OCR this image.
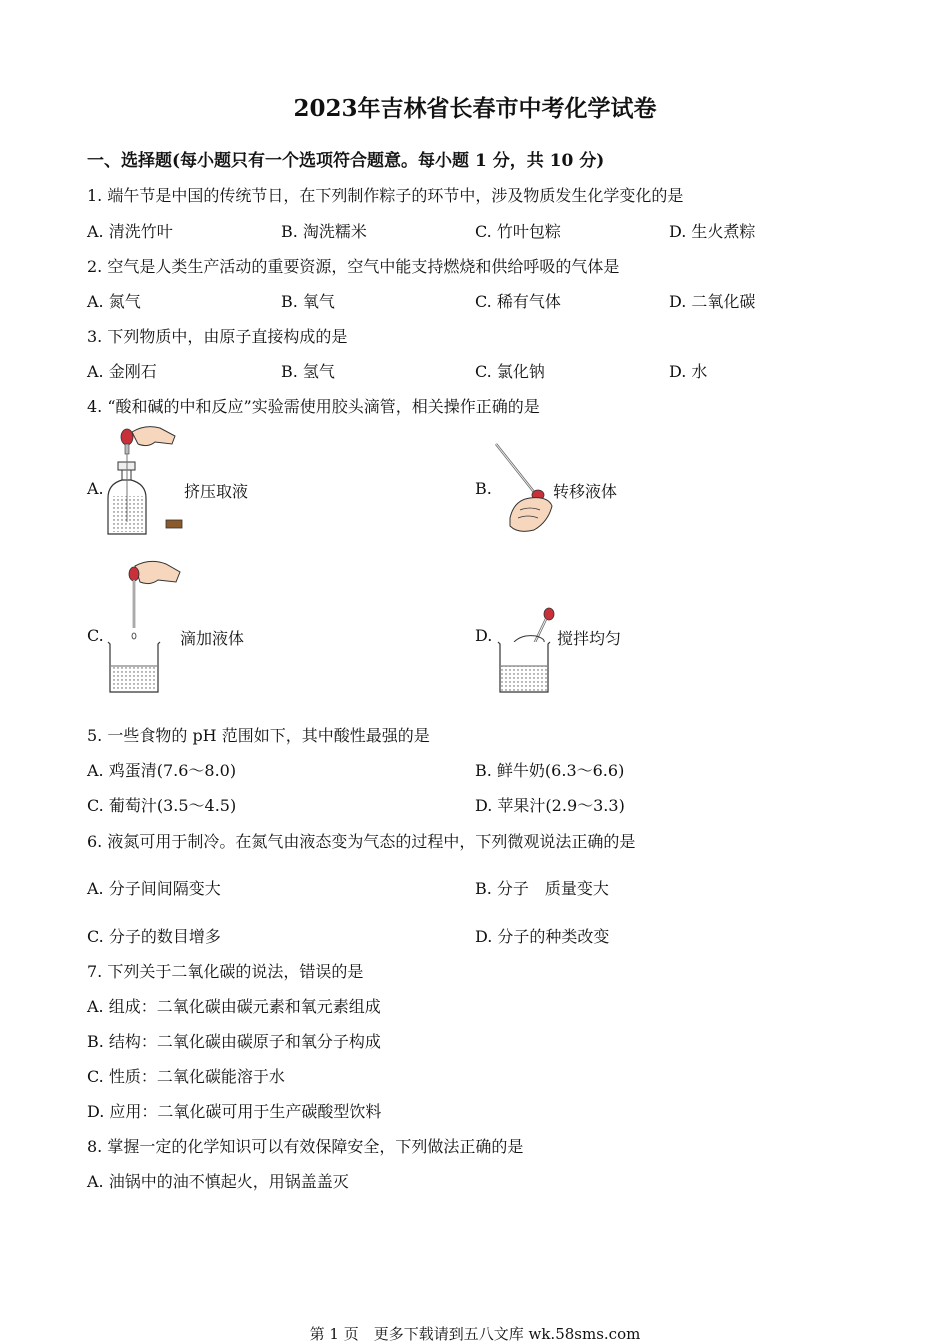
2023年吉林省长春市中考化学试卷
一、选择题(每小题只有一个选项符合题意。每小题 1 分，共 10 分)
1. 端午节是中国的传统节日，在下列制作粽子的环节中，涉及物质发生化学变化的是
A. 清洗竹叶	B. 淘洗糯米	C. 竹叶包粽	D. 生火煮粽
2. 空气是人类生产活动的重要资源，空气中能支持燃烧和供给呼吸的气体是
A. 氮气	B. 氧气	C. 稀有气体	D. 二氧化碳
3. 下列物质中，由原子直接构成的是
A. 金刚石	B. 氢气	C. 氯化钠	D. 水
4. “酸和碱的中和反应”实验需使用胶头滴管，相关操作正确的是
A.	挤压取液	B.	转移液体
C.	滴加液体	D.	搅拌均匀
5. 一些食物的 pH 范围如下，其中酸性最强的是
A. 鸡蛋清(7.6～8.0)	B. 鲜牛奶(6.3～6.6)
C. 葡萄汁(3.5～4.5)	D. 苹果汁(2.9～3.3)
6. 液氮可用于制冷。在氮气由液态变为气态的过程中，下列微观说法正确的是
A. 分子间间隔变大	B. 分子　质量变大
C. 分子的数目增多	D. 分子的种类改变
7. 下列关于二氧化碳的说法，错误的是
A. 组成：二氧化碳由碳元素和氧元素组成
B. 结构：二氧化碳由碳原子和氧分子构成
C. 性质：二氧化碳能溶于水
D. 应用：二氧化碳可用于生产碳酸型饮料
8. 掌握一定的化学知识可以有效保障安全，下列做法正确的是
A. 油锅中的油不慎起火，用锅盖盖灭
第 1 页　更多下载请到五八文库 wk.58sms.com
